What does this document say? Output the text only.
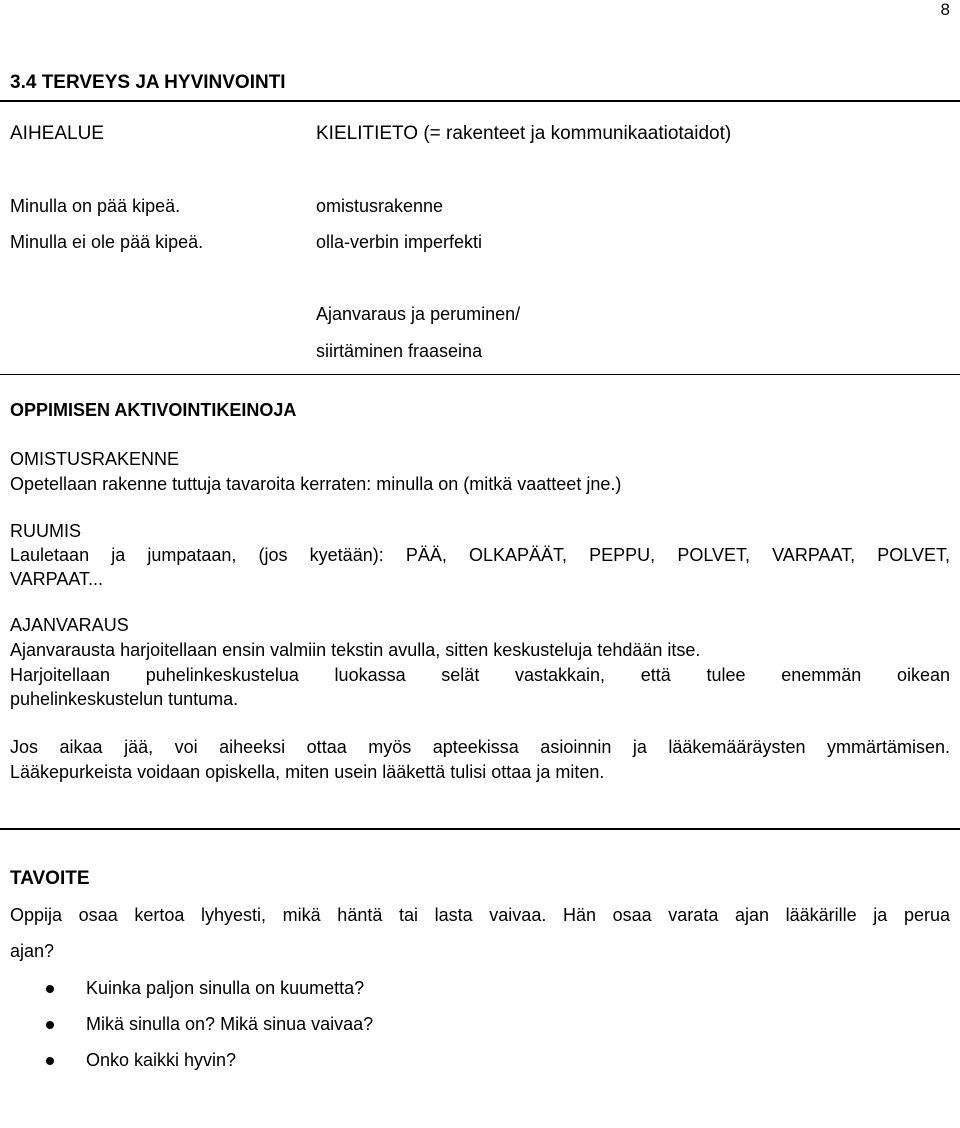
8
3.4 TERVEYS JA HYVINVOINTI
AIHEALUE	KIELITIETO (= rakenteet ja kommunikaatiotaidot)
Minulla on pää kipeä.
Minulla ei ole pää kipeä.
omistusrakenne
olla-verbin imperfekti
Ajanvaraus ja peruminen/
siirtäminen fraaseina
OPPIMISEN AKTIVOINTIKEINOJA
OMISTUSRAKENNE
Opetellaan rakenne tuttuja tavaroita kerraten: minulla on (mitkä vaatteet jne.)
RUUMIS
Lauletaan ja jumpataan, (jos kyetään): PÄÄ, OLKAPÄÄT, PEPPU, POLVET, VARPAAT, POLVET,
VARPAAT...
AJANVARAUS
Ajanvarausta harjoitellaan ensin valmiin tekstin avulla, sitten keskusteluja tehdään itse.
Harjoitellaan puhelinkeskustelua luokassa selät vastakkain, että tulee enemmän oikean
puhelinkeskustelun tuntuma.
Jos aikaa jää, voi aiheeksi ottaa myös apteekissa asioinnin ja lääkemääräysten ymmärtämisen.
Lääkepurkeista voidaan opiskella, miten usein lääkettä tulisi ottaa ja miten.
TAVOITE
Oppija osaa kertoa lyhyesti, mikä häntä tai lasta vaivaa. Hän osaa varata ajan lääkärille ja perua
ajan?
Kuinka paljon sinulla on kuumetta?
Mikä sinulla on? Mikä sinua vaivaa?
Onko kaikki hyvin?
